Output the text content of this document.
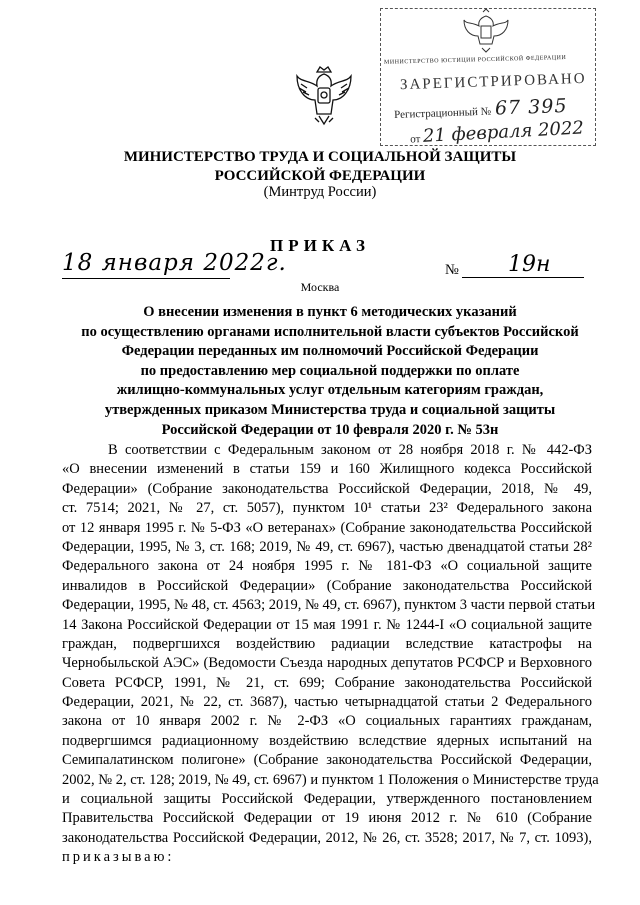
МИНИСТЕРСТВО ЮСТИЦИИ РОССИЙСКОЙ ФЕДЕРАЦИИ
ЗАРЕГИСТРИРОВАНО
Регистрационный № 67 395
от 21 февраля 2022
МИНИСТЕРСТВО ТРУДА И СОЦИАЛЬНОЙ ЗАЩИТЫ
РОССИЙСКОЙ ФЕДЕРАЦИИ
(Минтруд России)
ПРИКАЗ
18 января 2022г.	№ 19н
Москва
О внесении изменения в пункт 6 методических указаний
по осуществлению органами исполнительной власти субъектов Российской
Федерации переданных им полномочий Российской Федерации
по предоставлению мер социальной поддержки по оплате
жилищно-коммунальных услуг отдельным категориям граждан,
утвержденных приказом Министерства труда и социальной защиты
Российской Федерации от 10 февраля 2020 г. № 53н
В соответствии с Федеральным законом от 28 ноября 2018 г. № 442-ФЗ
«О внесении изменений в статьи 159 и 160 Жилищного кодекса Российской
Федерации» (Собрание законодательства Российской Федерации, 2018, № 49,
ст. 7514; 2021, № 27, ст. 5057), пунктом 10¹ статьи 23² Федерального закона
от 12 января 1995 г. № 5-ФЗ «О ветеранах» (Собрание законодательства Российской
Федерации, 1995, № 3, ст. 168; 2019, № 49, ст. 6967), частью двенадцатой статьи 28²
Федерального закона от 24 ноября 1995 г. № 181-ФЗ «О социальной защите
инвалидов в Российской Федерации» (Собрание законодательства Российской
Федерации, 1995, № 48, ст. 4563; 2019, № 49, ст. 6967), пунктом 3 части первой статьи
14 Закона Российской Федерации от 15 мая 1991 г. № 1244-I «О социальной защите
граждан, подвергшихся воздействию радиации вследствие катастрофы на
Чернобыльской АЭС» (Ведомости Съезда народных депутатов РСФСР и Верховного
Совета РСФСР, 1991, № 21, ст. 699; Собрание законодательства Российской
Федерации, 2021, № 22, ст. 3687), частью четырнадцатой статьи 2 Федерального
закона от 10 января 2002 г. № 2-ФЗ «О социальных гарантиях гражданам,
подвергшимся радиационному воздействию вследствие ядерных испытаний на
Семипалатинском полигоне» (Собрание законодательства Российской Федерации,
2002, № 2, ст. 128; 2019, № 49, ст. 6967) и пунктом 1 Положения о Министерстве труда
и социальной защиты Российской Федерации, утвержденного постановлением
Правительства Российской Федерации от 19 июня 2012 г. № 610 (Собрание
законодательства Российской Федерации, 2012, № 26, ст. 3528; 2017, № 7, ст. 1093),
приказываю:
